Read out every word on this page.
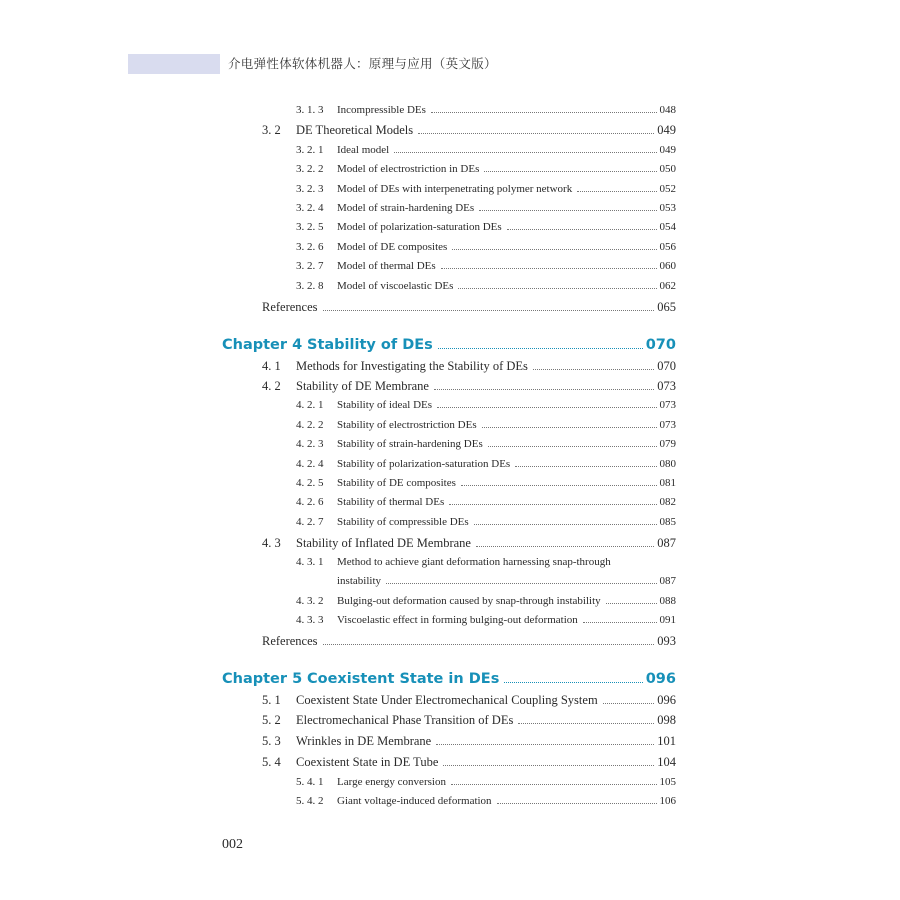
介电弹性体软体机器人：原理与应用（英文版）
3. 1. 3	Incompressible DEs	048
3. 2	DE Theoretical Models	049
3. 2. 1	Ideal model	049
3. 2. 2	Model of electrostriction in DEs	050
3. 2. 3	Model of DEs with interpenetrating polymer network	052
3. 2. 4	Model of strain-hardening DEs	053
3. 2. 5	Model of polarization-saturation DEs	054
3. 2. 6	Model of DE composites	056
3. 2. 7	Model of thermal DEs	060
3. 2. 8	Model of viscoelastic DEs	062
References	065
Chapter 4 Stability of DEs	070
4. 1	Methods for Investigating the Stability of DEs	070
4. 2	Stability of DE Membrane	073
4. 2. 1	Stability of ideal DEs	073
4. 2. 2	Stability of electrostriction DEs	073
4. 2. 3	Stability of strain-hardening DEs	079
4. 2. 4	Stability of polarization-saturation DEs	080
4. 2. 5	Stability of DE composites	081
4. 2. 6	Stability of thermal DEs	082
4. 2. 7	Stability of compressible DEs	085
4. 3	Stability of Inflated DE Membrane	087
4. 3. 1 Method to achieve giant deformation harnessing snap-through
instability	087
4. 3. 2	Bulging-out deformation caused by snap-through instability	088
4. 3. 3	Viscoelastic effect in forming bulging-out deformation	091
References	093
Chapter 5 Coexistent State in DEs	096
5. 1	Coexistent State Under Electromechanical Coupling System	096
5. 2	Electromechanical Phase Transition of DEs	098
5. 3	Wrinkles in DE Membrane	101
5. 4	Coexistent State in DE Tube	104
5. 4. 1	Large energy conversion	105
5. 4. 2	Giant voltage-induced deformation	106
002
